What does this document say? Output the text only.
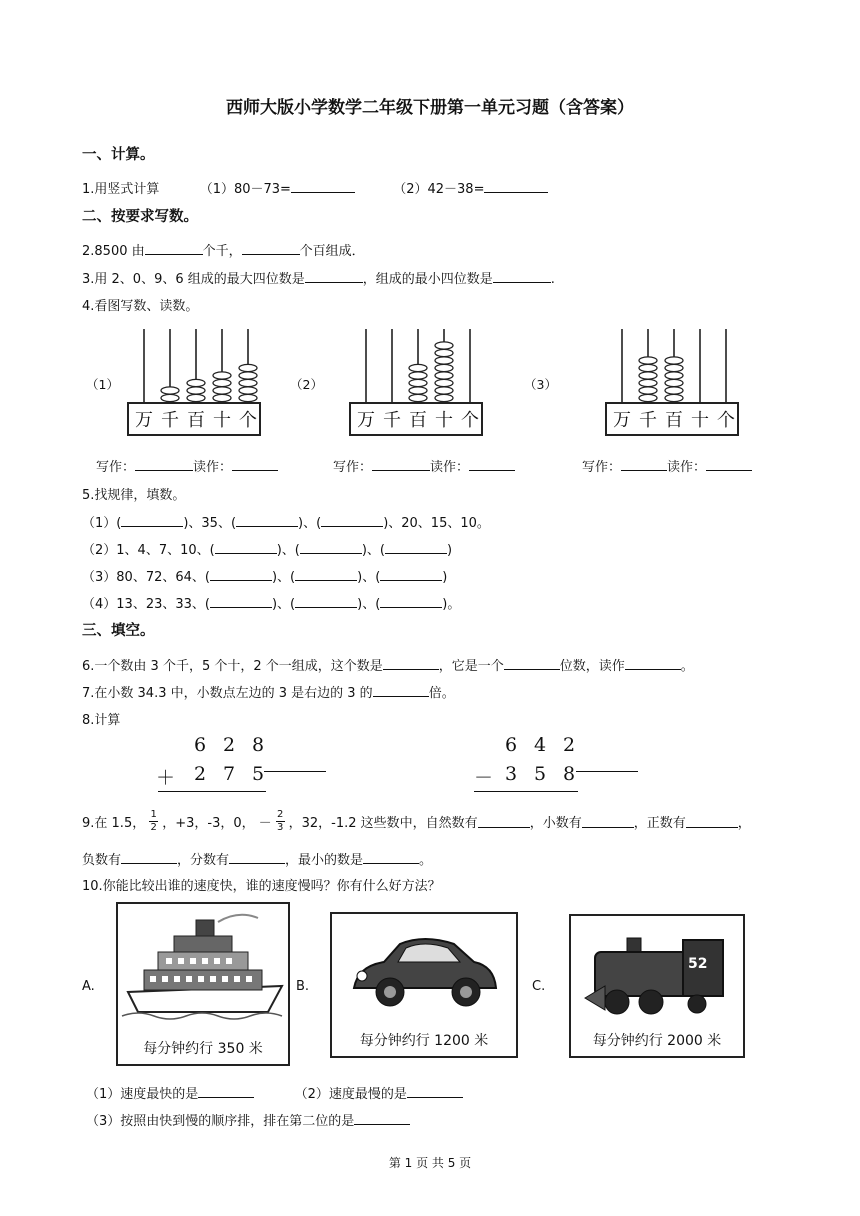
西师大版小学数学二年级下册第一单元习题（含答案）
一、计算。
1.用竖式计算	（1）80－73=	（2）42－38=
二、按要求写数。
2.8500 由	个千，	个百组成．
3.用 2、0、9、6 组成的最大四位数是	，组成的最小四位数是	.
4.看图写数、读数。
（1）	（2）	（3）
万 千 百 十 个	万 千 百 十 个	万 千 百 十 个
写作：	读作：	写作：	读作：	写作：	读作：
5.找规律，填数。
（1）(	)、35、(	)、(	)、20、15、10。
（2）1、4、7、10、(	)、(	)、(	)
（3）80、72、64、(	)、(	)、(	)
（4）13、23、33、(	)、(	)、(	)。
三、填空。
6.一个数由 3 个千，5 个十，2 个一组成，这个数是	，它是一个	位数，读作	。
7.在小数 34.3 中，小数点左边的 3 是右边的 3 的	倍。
8.计算
6 2 8
＋ 2 7 5
6 4 2
－ 3 5 8
9.在 1.5，
1
2 ，+3，-3，0， －
2
3 ，32，-1.2 这些数中，自然数有	，小数有	，正数有	，
负数有	，分数有	，最小的数是	。
10.你能比较出谁的速度快，谁的速度慢吗？你有什么好方法？
A.
每分钟约行 350 米
B.
每分钟约行 1200 米
C.
52
每分钟约行 2000 米
（1）速度最快的是	（2）速度最慢的是
（3）按照由快到慢的顺序排，排在第二位的是
第 1 页 共 5 页
